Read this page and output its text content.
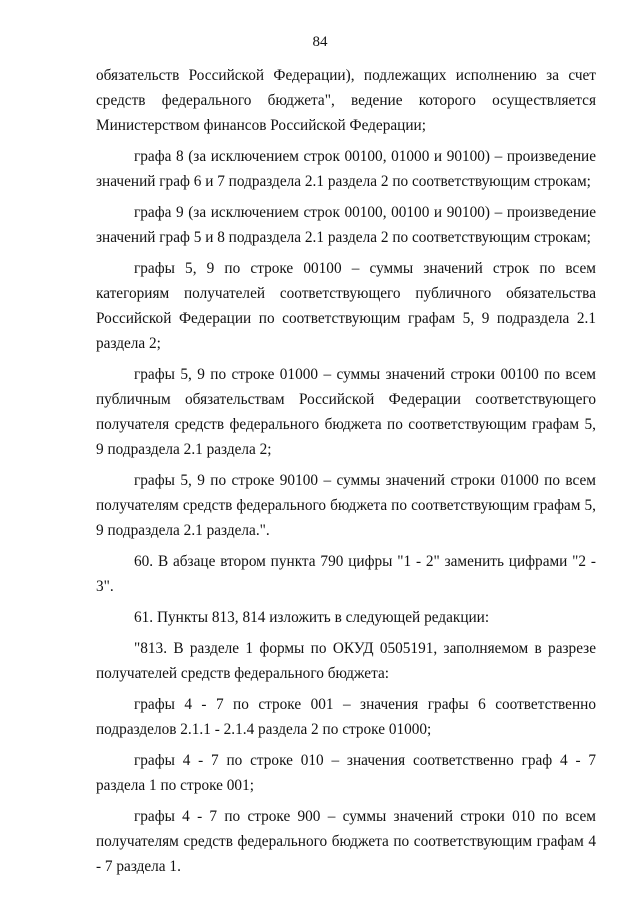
84

обязательств Российской Федерации), подлежащих исполнению за счет средств федерального бюджета", ведение которого осуществляется Министерством финансов Российской Федерации;

графа 8 (за исключением строк 00100, 01000 и 90100) – произведение значений граф 6 и 7 подраздела 2.1 раздела 2 по соответствующим строкам;

графа 9 (за исключением строк 00100, 00100 и 90100) – произведение значений граф 5 и 8 подраздела 2.1 раздела 2 по соответствующим строкам;

графы 5, 9 по строке 00100 – суммы значений строк по всем категориям получателей соответствующего публичного обязательства Российской Федерации по соответствующим графам 5, 9 подраздела 2.1 раздела 2;

графы 5, 9 по строке 01000 – суммы значений строки 00100 по всем публичным обязательствам Российской Федерации соответствующего получателя средств федерального бюджета по соответствующим графам 5, 9 подраздела 2.1 раздела 2;

графы 5, 9 по строке 90100 – суммы значений строки 01000 по всем получателям средств федерального бюджета по соответствующим графам 5, 9 подраздела 2.1 раздела.".

60. В абзаце втором пункта 790 цифры "1 - 2" заменить цифрами "2 - 3".

61. Пункты 813, 814 изложить в следующей редакции:

"813. В разделе 1 формы по ОКУД 0505191, заполняемом в разрезе получателей средств федерального бюджета:

графы 4 - 7 по строке 001 – значения графы 6 соответственно подразделов 2.1.1 - 2.1.4 раздела 2 по строке 01000;

графы 4 - 7 по строке 010 – значения соответственно граф 4 - 7 раздела 1 по строке 001;

графы 4 - 7 по строке 900 – суммы значений строки 010 по всем получателям средств федерального бюджета по соответствующим графам 4 - 7 раздела 1.
